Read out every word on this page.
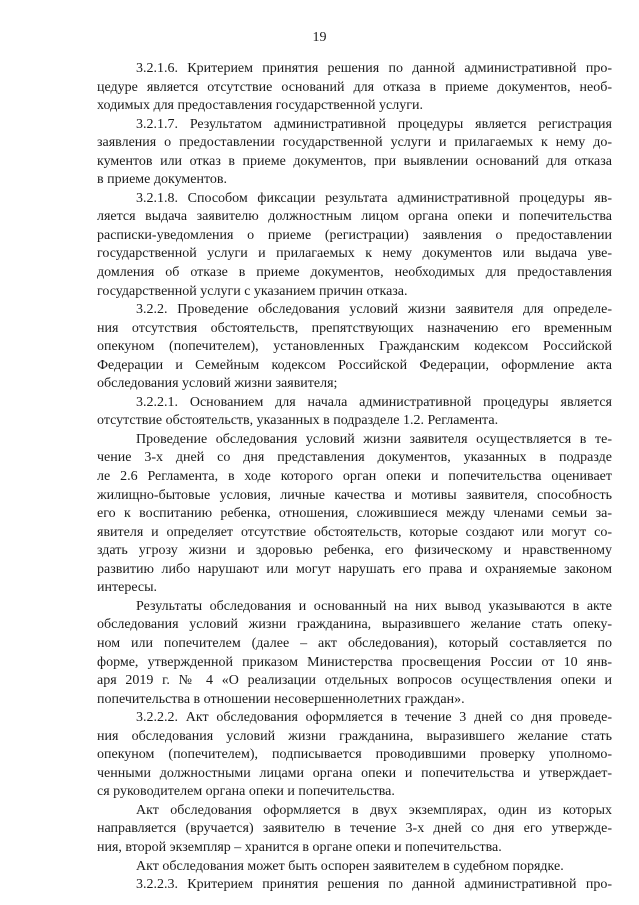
19
3.2.1.6. Критерием принятия решения по данной административной про-
цедуре является отсутствие оснований для отказа в приеме документов, необ-
ходимых для предоставления государственной услуги.
3.2.1.7. Результатом административной процедуры является регистрация
заявления о предоставлении государственной услуги и прилагаемых к нему до-
кументов или отказ в приеме документов, при выявлении оснований для отказа
в приеме документов.
3.2.1.8. Способом фиксации результата административной процедуры яв-
ляется выдача заявителю должностным лицом органа опеки и попечительства
расписки-уведомления о приеме (регистрации) заявления о предоставлении
государственной услуги и прилагаемых к нему документов или выдача уве-
домления об отказе в приеме документов, необходимых для предоставления
государственной услуги с указанием причин отказа.
3.2.2. Проведение обследования условий жизни заявителя для определе-
ния отсутствия обстоятельств, препятствующих назначению его временным
опекуном (попечителем), установленных Гражданским кодексом Российской
Федерации и Семейным кодексом Российской Федерации, оформление акта
обследования условий жизни заявителя;
3.2.2.1. Основанием для начала административной процедуры является
отсутствие обстоятельств, указанных в подразделе 1.2. Регламента.
Проведение обследования условий жизни заявителя осуществляется в те-
чение 3-х дней со дня представления документов, указанных в подразде
ле 2.6 Регламента, в ходе которого орган опеки и попечительства оценивает
жилищно-бытовые условия, личные качества и мотивы заявителя, способность
его к воспитанию ребенка, отношения, сложившиеся между членами семьи за-
явителя и определяет отсутствие обстоятельств, которые создают или могут со-
здать угрозу жизни и здоровью ребенка, его физическому и нравственному
развитию либо нарушают или могут нарушать его права и охраняемые законом
интересы.
Результаты обследования и основанный на них вывод указываются в акте
обследования условий жизни гражданина, выразившего желание стать опеку-
ном или попечителем (далее – акт обследования), который составляется по
форме, утвержденной приказом Министерства просвещения России от 10 янв-
аря 2019 г. № 4 «О реализации отдельных вопросов осуществления опеки и
попечительства в отношении несовершеннолетних граждан».
3.2.2.2. Акт обследования оформляется в течение 3 дней со дня проведе-
ния обследования условий жизни гражданина, выразившего желание стать
опекуном (попечителем), подписывается проводившими проверку уполномо-
ченными должностными лицами органа опеки и попечительства и утверждает-
ся руководителем органа опеки и попечительства.
Акт обследования оформляется в двух экземплярах, один из которых
направляется (вручается) заявителю в течение 3-х дней со дня его утвержде-
ния, второй экземпляр – хранится в органе опеки и попечительства.
Акт обследования может быть оспорен заявителем в судебном порядке.
3.2.2.3. Критерием принятия решения по данной административной про-
